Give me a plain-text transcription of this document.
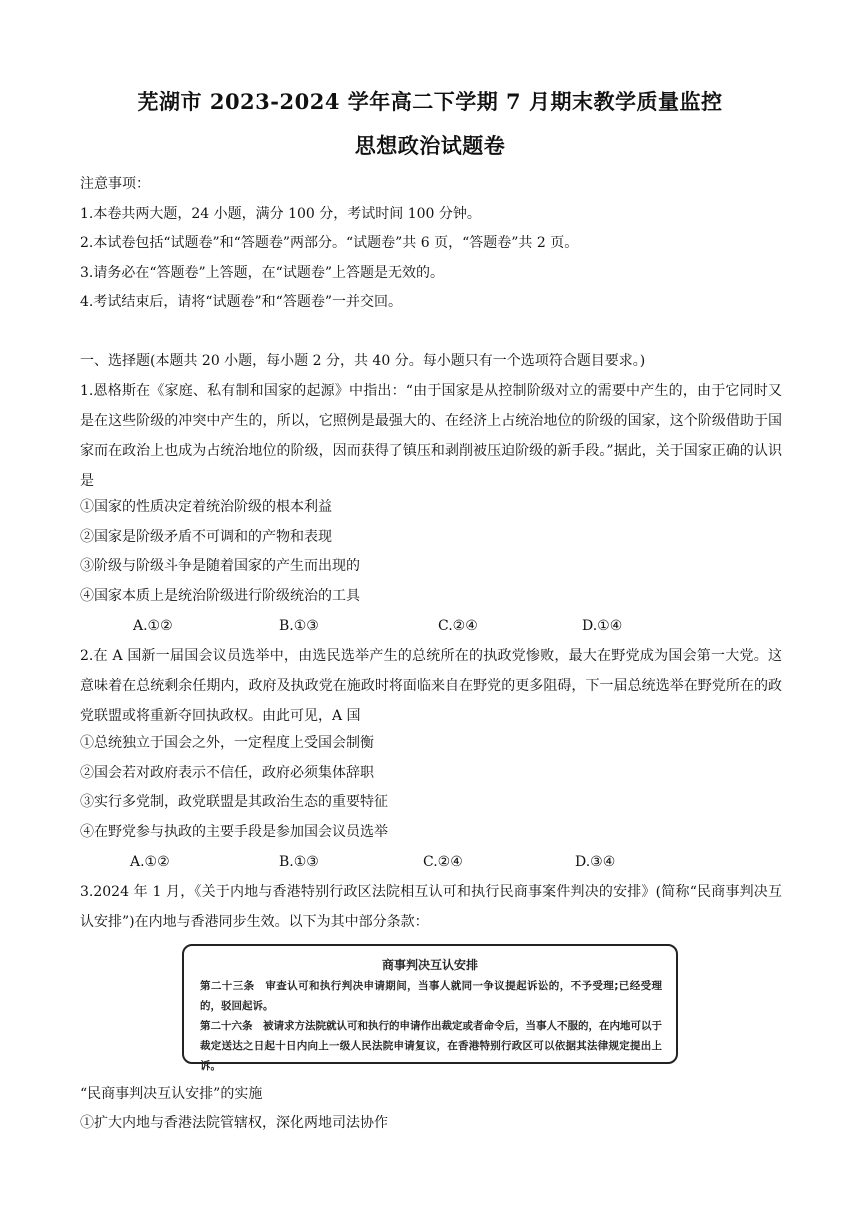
芜湖市 2023-2024 学年高二下学期 7 月期末教学质量监控
思想政治试题卷
注意事项：
1.本卷共两大题，24 小题，满分 100 分，考试时间 100 分钟。
2.本试卷包括“试题卷”和“答题卷”两部分。“试题卷”共 6 页，“答题卷”共 2 页。
3.请务必在“答题卷”上答题，在“试题卷”上答题是无效的。
4.考试结束后，请将“试题卷”和“答题卷”一并交回。
一、选择题(本题共 20 小题，每小题 2 分，共 40 分。每小题只有一个选项符合题目要求。)
1.恩格斯在《家庭、私有制和国家的起源》中指出：“由于国家是从控制阶级对立的需要中产生的，由于它同时又是在这些阶级的冲突中产生的，所以，它照例是最强大的、在经济上占统治地位的阶级的国家，这个阶级借助于国家而在政治上也成为占统治地位的阶级，因而获得了镇压和剥削被压迫阶级的新手段。”据此，关于国家正确的认识是
①国家的性质决定着统治阶级的根本利益
②国家是阶级矛盾不可调和的产物和表现
③阶级与阶级斗争是随着国家的产生而出现的
④国家本质上是统治阶级进行阶级统治的工具
A.①②	B.①③	C.②④	D.①④
2.在 A 国新一届国会议员选举中，由选民选举产生的总统所在的执政党惨败，最大在野党成为国会第一大党。这意味着在总统剩余任期内，政府及执政党在施政时将面临来自在野党的更多阻碍，下一届总统选举在野党所在的政党联盟或将重新夺回执政权。由此可见，A 国
①总统独立于国会之外，一定程度上受国会制衡
②国会若对政府表示不信任，政府必须集体辞职
③实行多党制，政党联盟是其政治生态的重要特征
④在野党参与执政的主要手段是参加国会议员选举
A.①②	B.①③	C.②④	D.③④
3.2024 年 1 月，《关于内地与香港特别行政区法院相互认可和执行民商事案件判决的安排》(简称“民商事判决互认安排”)在内地与香港同步生效。以下为其中部分条款：
商事判决互认安排
第二十三条　审查认可和执行判决申请期间，当事人就同一争议提起诉讼的，不予受理;已经受理的，驳回起诉。
第二十六条　被请求方法院就认可和执行的申请作出裁定或者命令后，当事人不服的，在内地可以于裁定送达之日起十日内向上一级人民法院申请复议，在香港特别行政区可以依据其法律规定提出上诉。
“民商事判决互认安排”的实施
①扩大内地与香港法院管辖权，深化两地司法协作
